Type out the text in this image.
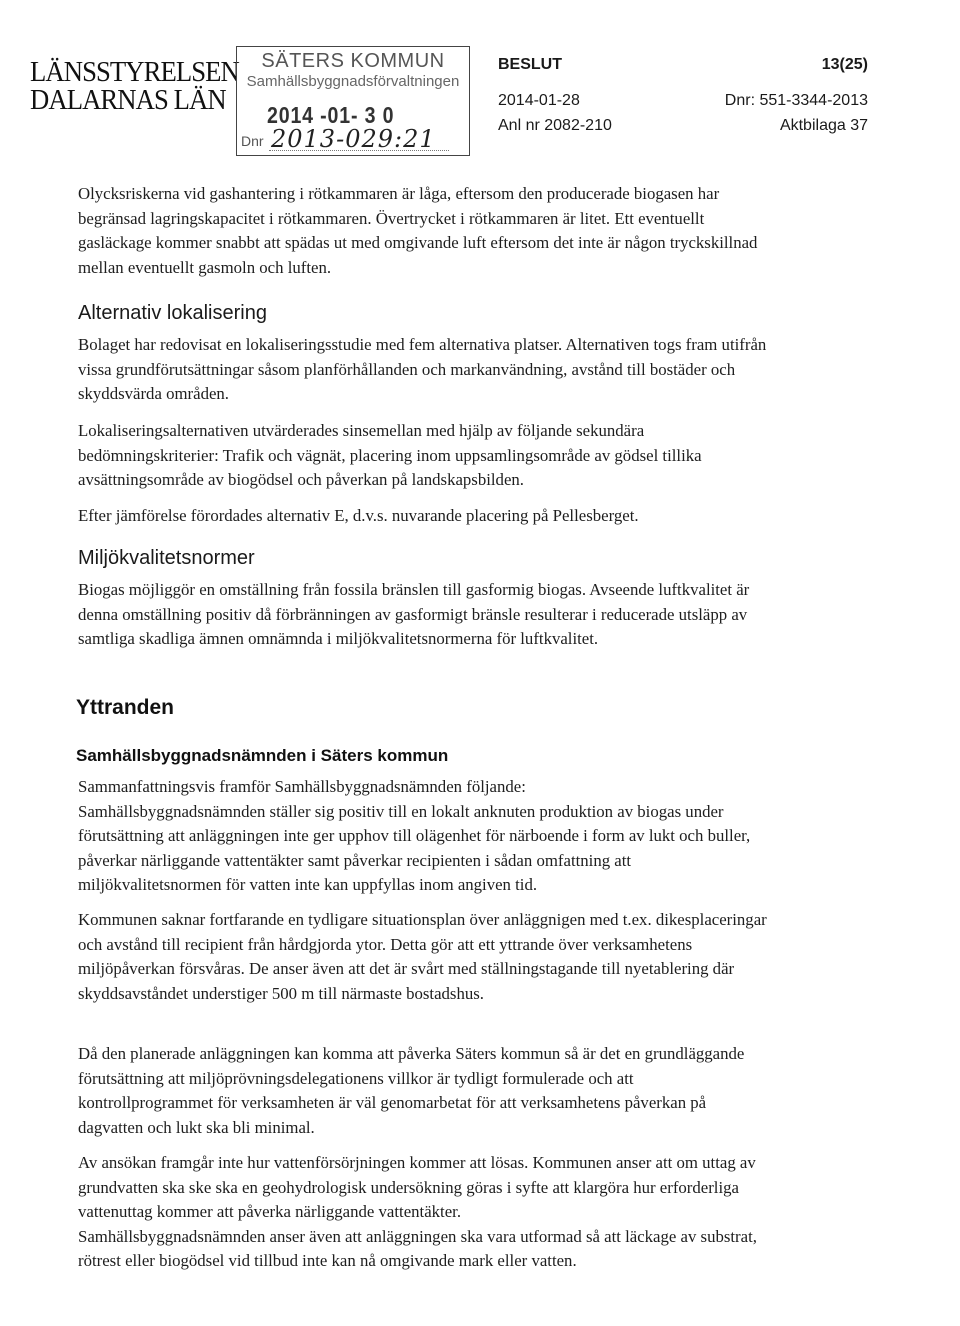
LÄNSSTYRELSEN
DALARNAS LÄN
SÄTERS KOMMUN
Samhällsbyggnadsförvaltningen
2014 -01- 3 0
Dnr 2013-029:21
BESLUT	13(25)
2014-01-28	Dnr: 551-3344-2013
Anl nr 2082-210	Aktbilaga 37

Olycksriskerna vid gashantering i rötkammaren är låga, eftersom den producerade biogasen har begränsad lagringskapacitet i rötkammaren. Övertrycket i rötkammaren är litet. Ett eventuellt gasläckage kommer snabbt att spädas ut med omgivande luft eftersom det inte är någon tryckskillnad mellan eventuellt gasmoln och luften.

Alternativ lokalisering

Bolaget har redovisat en lokaliseringsstudie med fem alternativa platser. Alternativen togs fram utifrån vissa grundförutsättningar såsom planförhållanden och markanvändning, avstånd till bostäder och skyddsvärda områden.

Lokaliseringsalternativen utvärderades sinsemellan med hjälp av följande sekundära bedömningskriterier: Trafik och vägnät, placering inom uppsamlingsområde av gödsel tillika avsättningsområde av biogödsel och påverkan på landskapsbilden.

Efter jämförelse förordades alternativ E, d.v.s. nuvarande placering på Pellesberget.

Miljökvalitetsnormer

Biogas möjliggör en omställning från fossila bränslen till gasformig biogas. Avseende luftkvalitet är denna omställning positiv då förbränningen av gasformigt bränsle resulterar i reducerade utsläpp av samtliga skadliga ämnen omnämnda i miljökvalitetsnormerna för luftkvalitet.

Yttranden
Samhällsbyggnadsnämnden i Säters kommun

Sammanfattningsvis framför Samhällsbyggnadsnämnden följande:

Samhällsbyggnadsnämnden ställer sig positiv till en lokalt anknuten produktion av biogas under förutsättning att anläggningen inte ger upphov till olägenhet för närboende i form av lukt och buller, påverkar närliggande vattentäkter samt påverkar recipienten i sådan omfattning att miljökvalitetsnormen för vatten inte kan uppfyllas inom angiven tid.

Kommunen saknar fortfarande en tydligare situationsplan över anläggnigen med t.ex. dikesplaceringar och avstånd till recipient från hårdgjorda ytor. Detta gör att ett yttrande över verksamhetens miljöpåverkan försvåras. De anser även att det är svårt med ställningstagande till nyetablering där skyddsavståndet understiger 500 m till närmaste bostadshus.

Då den planerade anläggningen kan komma att påverka Säters kommun så är det en grundläggande förutsättning att miljöprövningsdelegationens villkor är tydligt formulerade och att kontrollprogrammet för verksamheten är väl genomarbetat för att verksamhetens påverkan på dagvatten och lukt ska bli minimal.

Av ansökan framgår inte hur vattenförsörjningen kommer att lösas. Kommunen anser att om uttag av grundvatten ska ske ska en geohydrologisk undersökning göras i syfte att klargöra hur erforderliga vattenuttag kommer att påverka närliggande vattentäkter.

Samhällsbyggnadsnämnden anser även att anläggningen ska vara utformad så att läckage av substrat, rötrest eller biogödsel vid tillbud inte kan nå omgivande mark eller vatten.
